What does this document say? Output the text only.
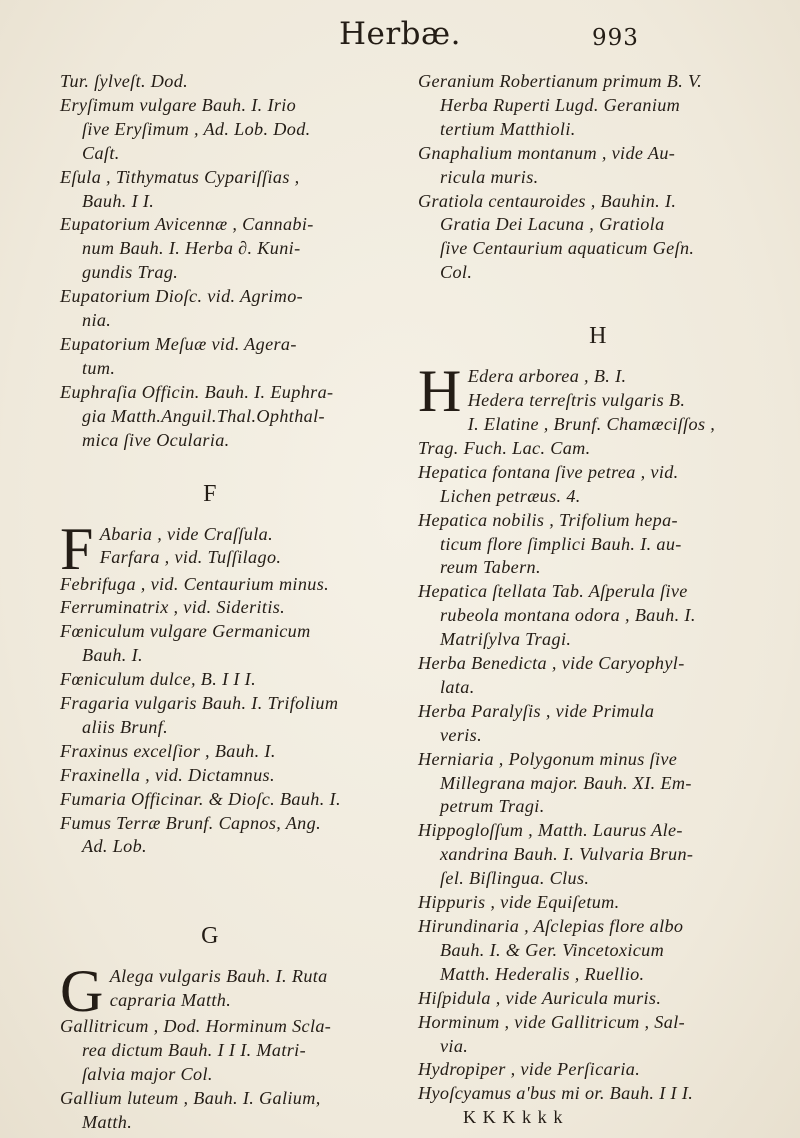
Herbæ.	993
Tur. ſylveſt. Dod.
Eryſimum vulgare Bauh. I. Irio
ſive Eryſimum , Ad. Lob. Dod.
Caſt.
Eſula , Tithymatus Cypariſſias ,
Bauh. I I.
Eupatorium Avicennæ , Cannabi-
num Bauh. I. Herba ∂. Kuni-
gundis Trag.
Eupatorium Dioſc. vid. Agrimo-
nia.
Eupatorium Meſuæ vid. Agera-
tum.
Euphraſia Officin. Bauh. I. Euphra-
gia Matth.Anguil.Thal.Ophthal-
mica ſive Ocularia.
F
F Abaria , vide Craſſula.
Farfara , vid. Tuſſilago.
Febrifuga , vid. Centaurium minus.
Ferruminatrix , vid. Sideritis.
Fœniculum vulgare Germanicum
Bauh. I.
Fœniculum dulce, B. I I I.
Fragaria vulgaris Bauh. I. Trifolium
aliis Brunf.
Fraxinus excelſior , Bauh. I.
Fraxinella , vid. Dictamnus.
Fumaria Officinar. & Dioſc. Bauh. I.
Fumus Terræ Brunf. Capnos, Ang.
Ad. Lob.
G
G Alega vulgaris Bauh. I. Ruta
capraria Matth.
Gallitricum , Dod. Horminum Scla-
rea dictum Bauh. I I I. Matri-
ſalvia major Col.
Gallium luteum , Bauh. I. Galium,
Matth.
Geranium Robertianum primum B. V.
Herba Ruperti Lugd. Geranium
tertium Matthioli.
Gnaphalium montanum , vide Au-
ricula muris.
Gratiola centauroides , Bauhin. I.
Gratia Dei Lacuna , Gratiola
ſive Centaurium aquaticum Geſn.
Col.
H
H Edera arborea , B. I.
Hedera terreſtris vulgaris B.
I. Elatine , Brunf. Chamæciſſos ,
Trag. Fuch. Lac. Cam.
Hepatica fontana ſive petrea , vid.
Lichen petræus. 4.
Hepatica nobilis , Trifolium hepa-
ticum flore ſimplici Bauh. I. au-
reum Tabern.
Hepatica ſtellata Tab. Aſperula ſive
rubeola montana odora , Bauh. I.
Matriſylva Tragi.
Herba Benedicta , vide Caryophyl-
lata.
Herba Paralyſis , vide Primula
veris.
Herniaria , Polygonum minus ſive
Millegrana major. Bauh. XI. Em-
petrum Tragi.
Hippogloſſum , Matth. Laurus Ale-
xandrina Bauh. I. Vulvaria Brun-
ſel. Biſlingua. Clus.
Hippuris , vide Equiſetum.
Hirundinaria , Aſclepias flore albo
Bauh. I. & Ger. Vincetoxicum
Matth. Hederalis , Ruellio.
Hiſpidula , vide Auricula muris.
Horminum , vide Gallitricum , Sal-
via.
Hydropiper , vide Perſicaria.
Hyoſcyamus a'bus mi or. Bauh. I I I.
K K K k k k
